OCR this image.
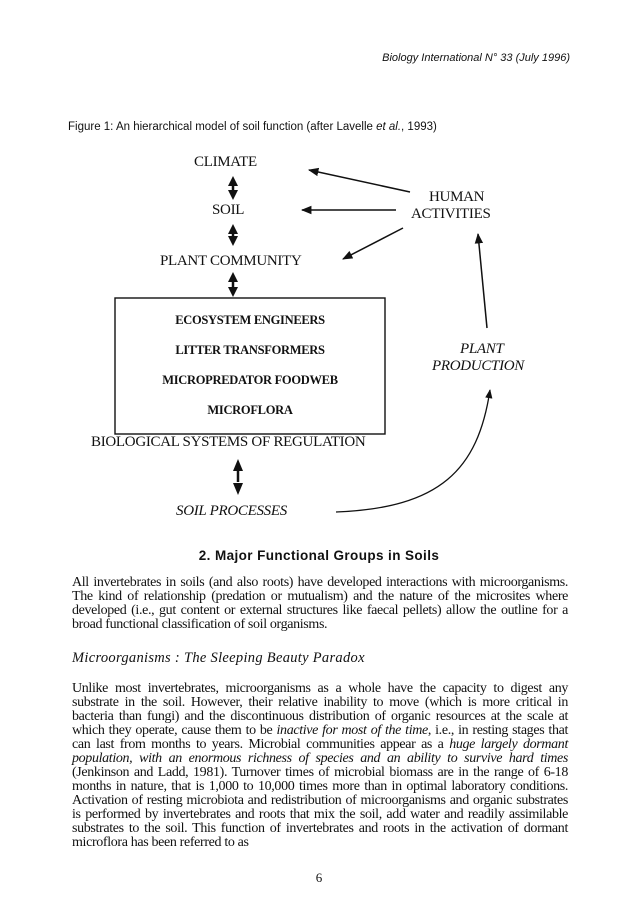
Biology International N° 33 (July 1996)
Figure 1: An hierarchical model of soil function (after Lavelle et al., 1993)
CLIMATE
SOIL
HUMAN
ACTIVITIES
PLANT COMMUNITY
ECOSYSTEM ENGINEERS
LITTER TRANSFORMERS
MICROPREDATOR FOODWEB
MICROFLORA
PLANT
PRODUCTION
BIOLOGICAL SYSTEMS OF REGULATION
SOIL PROCESSES
2. Major Functional Groups in Soils
All invertebrates in soils (and also roots) have developed interactions with microorganisms. The kind of relationship (predation or mutualism) and the nature of the microsites where developed (i.e., gut content or external structures like faecal pellets) allow the outline for a broad functional classification of soil organisms.
Microorganisms : The Sleeping Beauty Paradox
Unlike most invertebrates, microorganisms as a whole have the capacity to digest any substrate in the soil. However, their relative inability to move (which is more critical in bacteria than fungi) and the discontinuous distribution of organic resources at the scale at which they operate, cause them to be inactive for most of the time, i.e., in resting stages that can last from months to years. Microbial communities appear as a huge largely dormant population, with an enormous richness of species and an ability to survive hard times (Jenkinson and Ladd, 1981). Turnover times of microbial biomass are in the range of 6-18 months in nature, that is 1,000 to 10,000 times more than in optimal laboratory conditions. Activation of resting microbiota and redistribution of microorganisms and organic substrates is performed by invertebrates and roots that mix the soil, add water and readily assimilable substrates to the soil. This function of invertebrates and roots in the activation of dormant microflora has been referred to as
6
